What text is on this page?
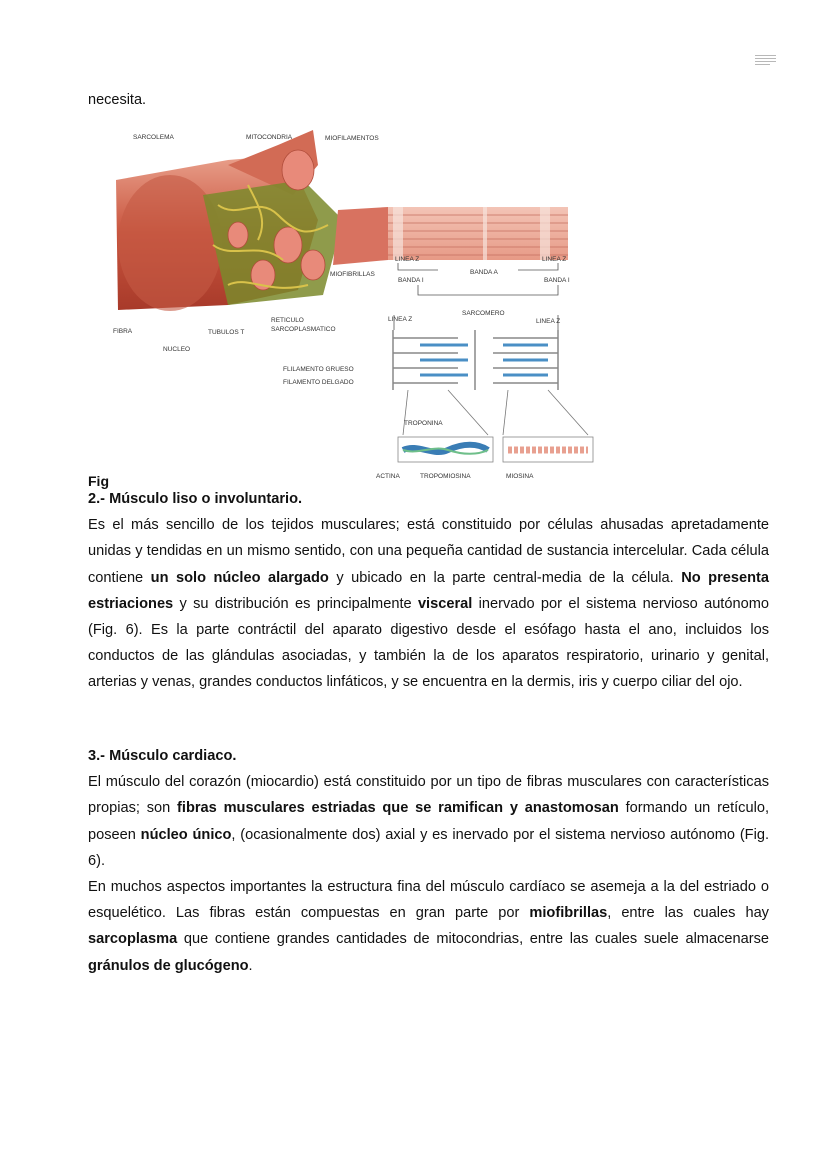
necesita.
SARCOLEMA	MITOCONDRIA	MIOFILAMENTOS
MIOFIBRILLAS
FIBRA
NUCLEO
TUBULOS T
RETICULO
SARCOPLASMATICO
LINEA Z	LINEA Z
BANDA A
BANDA I	BANDA I
SARCOMERO
LINEA Z	LINEA Z
FLILAMENTO GRUESO
FILAMENTO DELGADO
TROPONINA
ACTINA	TROPOMIOSINA	MIOSINA
Fig

2.- Músculo liso o involuntario.

Es el más sencillo de los tejidos musculares; está constituido por células ahusadas apretadamente unidas y tendidas en un mismo sentido, con una pequeña cantidad de sustancia intercelular. Cada célula contiene un solo núcleo alargado y ubicado en la parte central-media de la célula. No presenta estriaciones y su distribución es principalmente visceral inervado por el sistema nervioso autónomo (Fig. 6). Es la parte contráctil del aparato digestivo desde el esófago hasta el ano, incluidos los conductos de las glándulas asociadas, y también la de los aparatos respiratorio, urinario y genital, arterias y venas, grandes conductos linfáticos, y se encuentra en la dermis, iris y cuerpo ciliar del ojo.

3.- Músculo cardiaco.

El músculo del corazón (miocardio) está constituido por un tipo de fibras musculares con características propias; son fibras musculares estriadas que se ramifican y anastomosan formando un retículo, poseen núcleo único, (ocasionalmente dos) axial y es inervado por el sistema nervioso autónomo (Fig. 6).

En muchos aspectos importantes la estructura fina del músculo cardíaco se asemeja a la del estriado o esquelético. Las fibras están compuestas en gran parte por miofibrillas, entre las cuales hay sarcoplasma que contiene grandes cantidades de mitocondrias, entre las cuales suele almacenarse gránulos de glucógeno.
